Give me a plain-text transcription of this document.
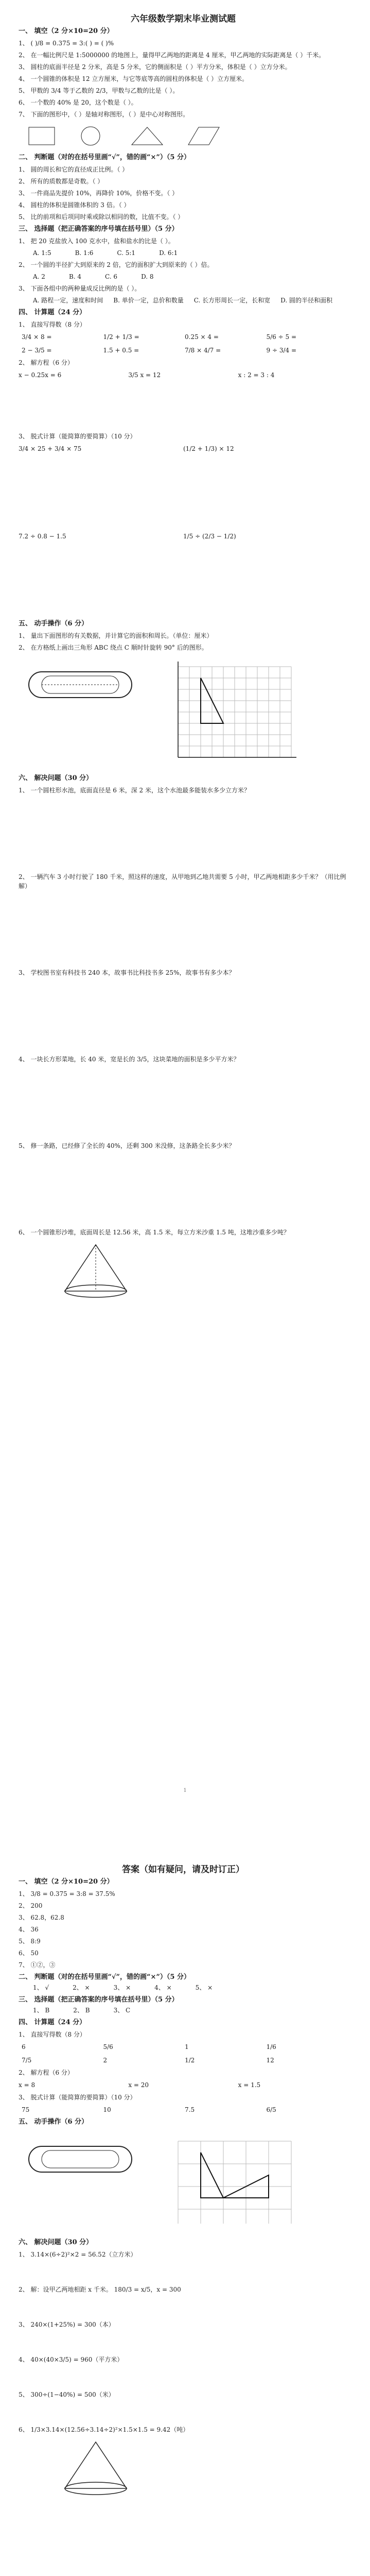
六年级数学期末毕业测试题
一、 填空（2 分×10=20 分）
1、 ( )/8 = 0.375 = 3:( ) = ( )%
2、 在一幅比例尺是 1:5000000 的地图上，量得甲乙两地的距离是 4 厘米，甲乙两地的实际距离是（ ）千米。
3、 圆柱的底面半径是 2 分米，高是 5 分米，它的侧面积是（ ）平方分米，体积是（ ）立方分米。
4、 一个圆锥的体积是 12 立方厘米，与它等底等高的圆柱的体积是（ ）立方厘米。
5、 甲数的 3/4 等于乙数的 2/3，甲数与乙数的比是（ ）。
6、 一个数的 40% 是 20，这个数是（ ）。
7、 下面的图形中，（ ）是轴对称图形，（ ）是中心对称图形。
二、 判断题（对的在括号里画“√”，错的画“×”）（5 分）
1、 圆的周长和它的直径成正比例。（ ）
2、 所有的质数都是奇数。（ ）
3、 一件商品先提价 10%，再降价 10%，价格不变。（ ）
4、 圆柱的体积是圆锥体积的 3 倍。（ ）
5、 比的前项和后项同时乘或除以相同的数，比值不变。（ ）
三、 选择题（把正确答案的序号填在括号里）（5 分）
1、 把 20 克盐放入 100 克水中，盐和盐水的比是（ ）。
A. 1:5	B. 1:6	C. 5:1	D. 6:1
2、 一个圆的半径扩大到原来的 2 倍，它的面积扩大到原来的（ ）倍。
A. 2	B. 4	C. 6	D. 8
3、 下面各组中的两种量成反比例的是（ ）。
A. 路程一定，速度和时间 B. 单价一定，总价和数量 C. 长方形周长一定，长和宽 D. 圆的半径和面积
四、 计算题（24 分）
1、 直接写得数（8 分）
3/4 × 8 =	1/2 + 1/3 =	0.25 × 4 =	5/6 ÷ 5 =
2 − 3/5 =	1.5 + 0.5 =	7/8 × 4/7 =	9 ÷ 3/4 =
2、 解方程（6 分）
x − 0.25x = 6	3/5 x = 12	x : 2 = 3 : 4
3、 脱式计算（能简算的要简算）（10 分）
3/4 × 25 + 3/4 × 75	(1/2 + 1/3) × 12
7.2 ÷ 0.8 − 1.5	1/5 ÷ (2/3 − 1/2)
五、 动手操作（6 分）
1、 量出下面图形的有关数据，并计算它的面积和周长。（单位：厘米）
2、 在方格纸上画出三角形 ABC 绕点 C 顺时针旋转 90° 后的图形。
六、 解决问题（30 分）
1、 一个圆柱形水池，底面直径是 6 米，深 2 米，这个水池最多能装水多少立方米？
2、 一辆汽车 3 小时行驶了 180 千米，照这样的速度，从甲地到乙地共需要 5 小时，甲乙两地相距多少千米？（用比例解）
3、 学校图书室有科技书 240 本，故事书比科技书多 25%，故事书有多少本？
4、 一块长方形菜地，长 40 米，宽是长的 3/5，这块菜地的面积是多少平方米？
5、 修一条路，已经修了全长的 40%，还剩 300 米没修，这条路全长多少米？
6、 一个圆锥形沙堆，底面周长是 12.56 米，高 1.5 米，每立方米沙重 1.5 吨，这堆沙重多少吨？
1
答案（如有疑问，请及时订正）
一、 填空（2 分×10=20 分）
1、 3/8 = 0.375 = 3:8 = 37.5%
2、 200
3、 62.8，62.8
4、 36
5、 8:9
6、 50
7、 ①②，③
二、 判断题（对的在括号里画“√”，错的画“×”）（5 分）
1、 √	2、 ×	3、 ×	4、 ×	5、 ×
三、 选择题（把正确答案的序号填在括号里）（5 分）
1、 B	2、 B	3、 C
四、 计算题（24 分）
1、 直接写得数（8 分）
6	5/6	1	1/6
7/5	2	1/2	12
2、 解方程（6 分）
x = 8	x = 20	x = 1.5
3、 脱式计算（能简算的要简算）（10 分）
75	10	7.5	6/5
五、 动手操作（6 分）
六、 解决问题（30 分）
1、 3.14×(6÷2)²×2 = 56.52（立方米）
2、 解：设甲乙两地相距 x 千米。 180/3 = x/5，x = 300
3、 240×(1+25%) = 300（本）
4、 40×(40×3/5) = 960（平方米）
5、 300÷(1−40%) = 500（米）
6、 1/3×3.14×(12.56÷3.14÷2)²×1.5×1.5 = 9.42（吨）
